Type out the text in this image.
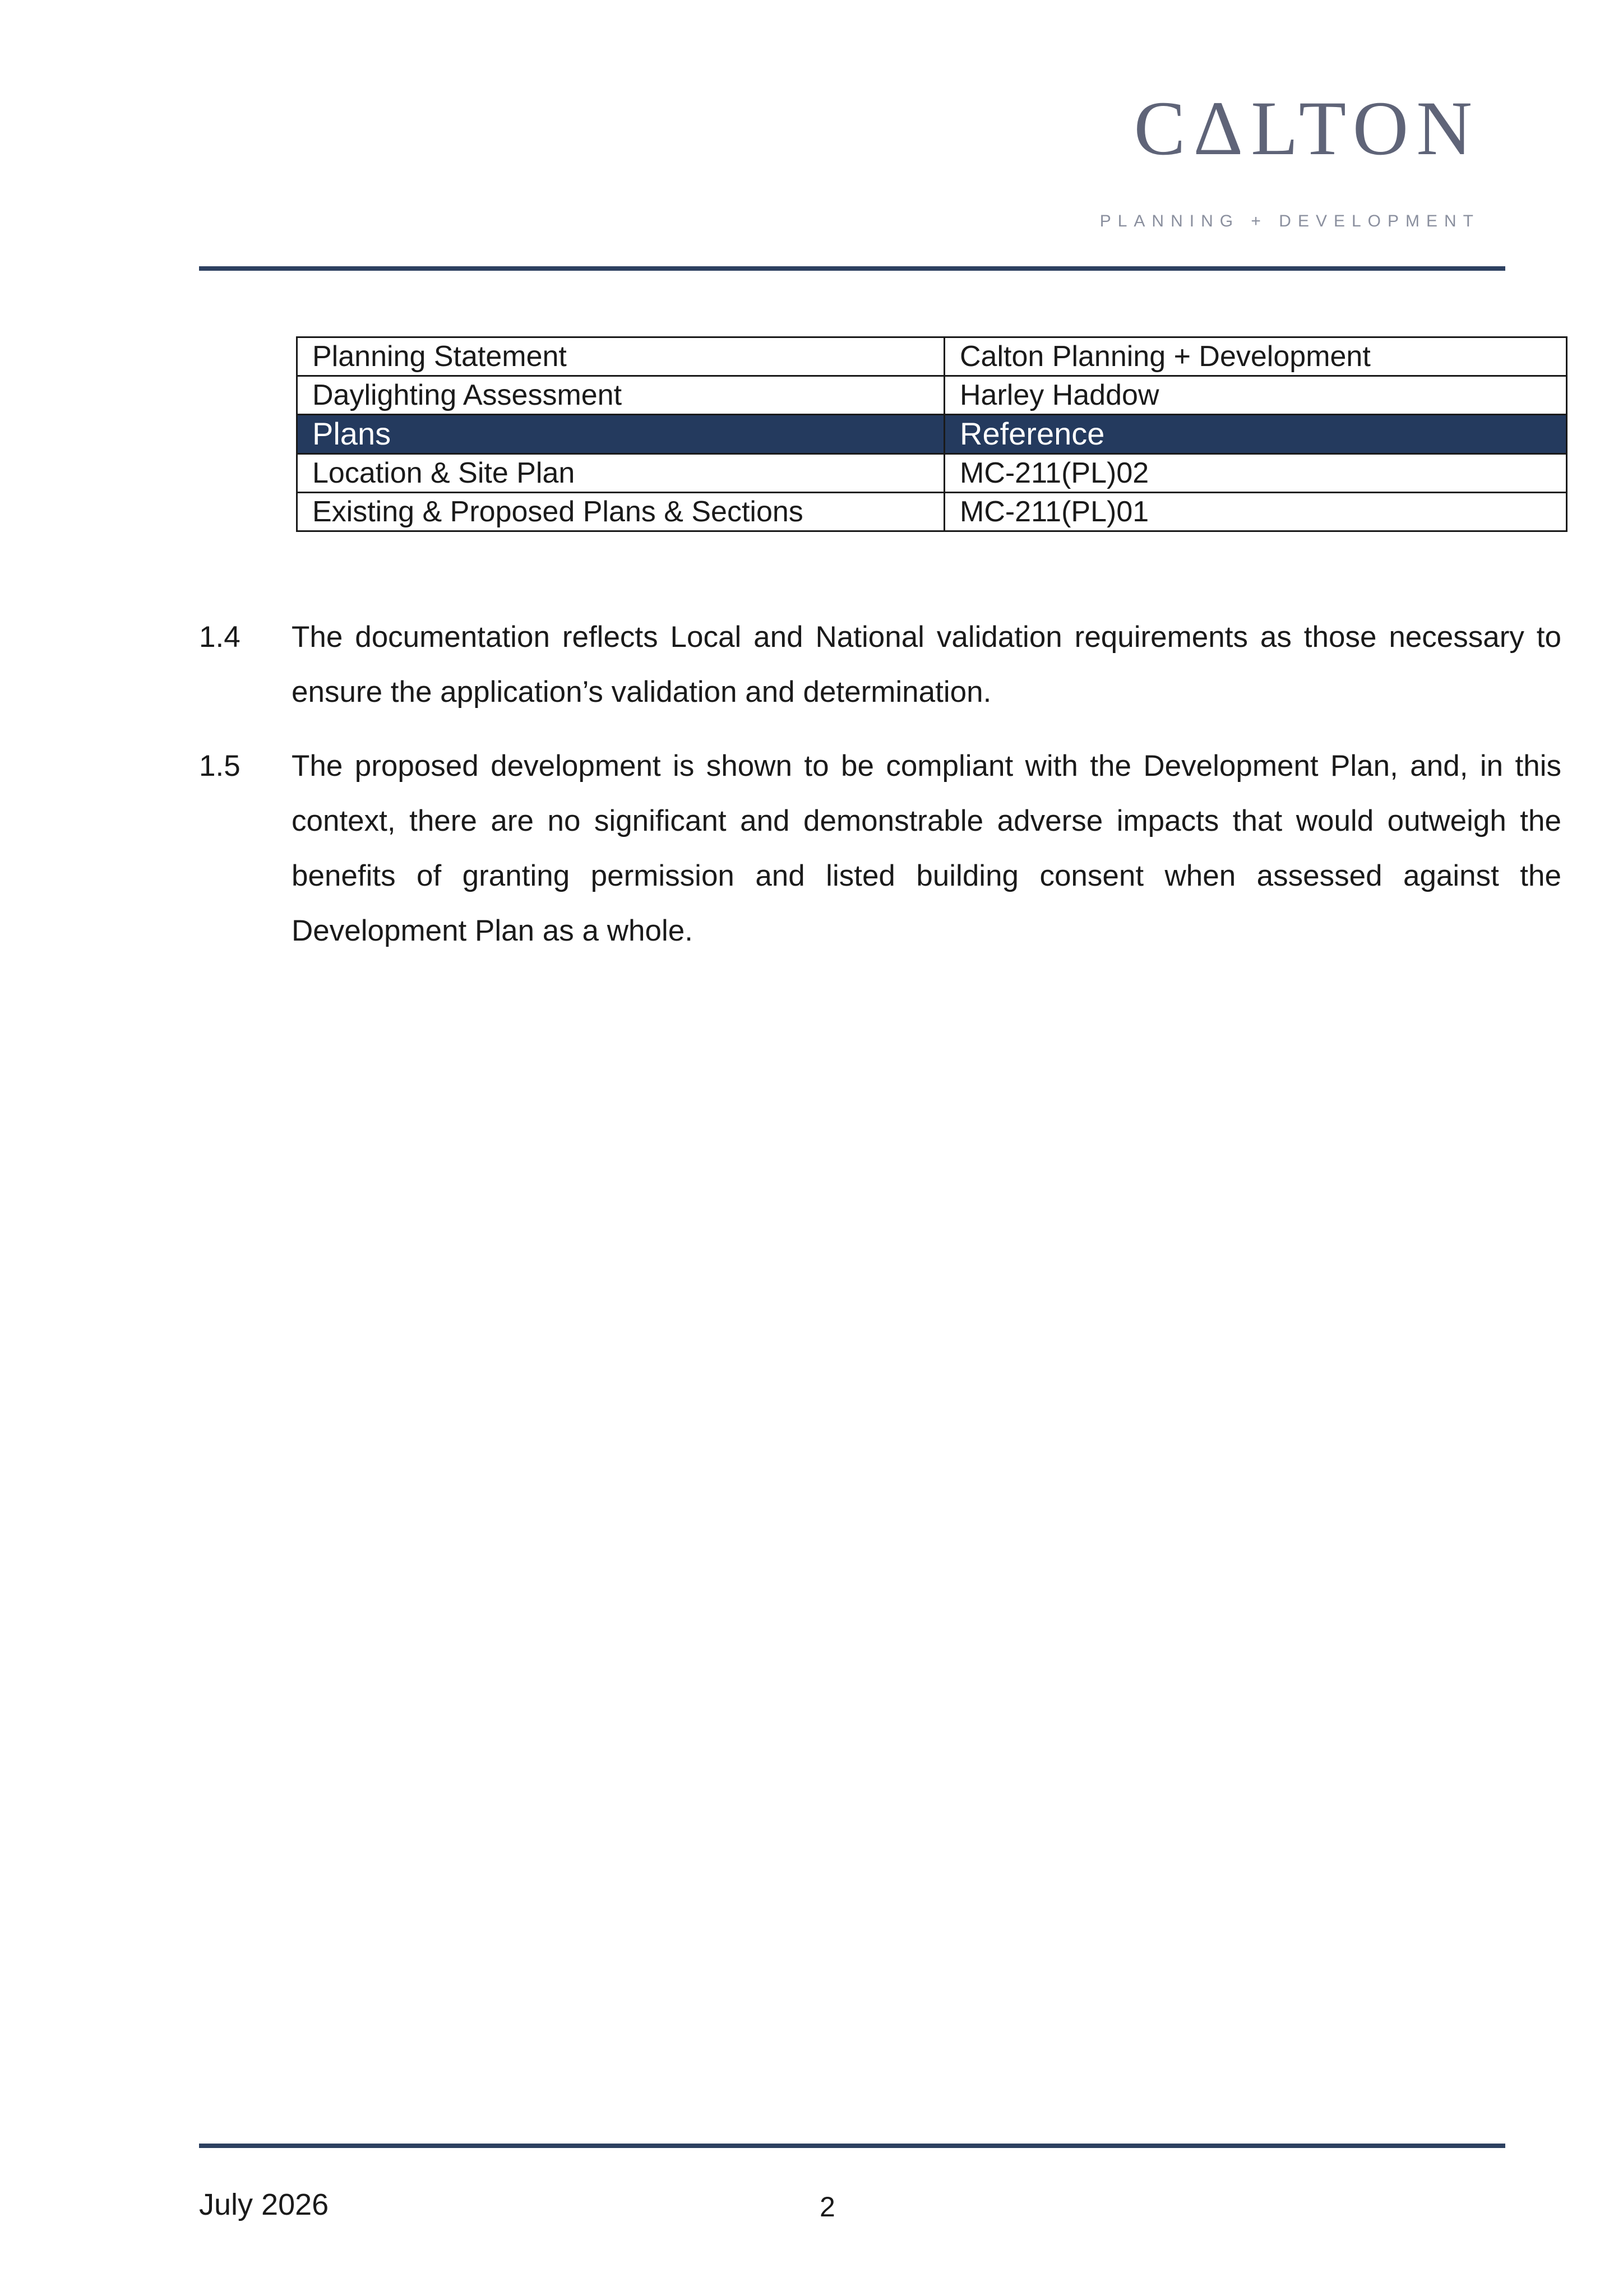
CΔLTON
PLANNING + DEVELOPMENT
Planning Statement	Calton Planning + Development
Daylighting Assessment	Harley Haddow
Plans	Reference
Location & Site Plan	MC-211(PL)02
Existing & Proposed Plans & Sections	MC-211(PL)01
1.4	The documentation reflects Local and National validation requirements as those necessary to ensure the application’s validation and determination.
1.5	The proposed development is shown to be compliant with the Development Plan, and, in this context, there are no significant and demonstrable adverse impacts that would outweigh the benefits of granting permission and listed building consent when assessed against the Development Plan as a whole.
July 2026	2
